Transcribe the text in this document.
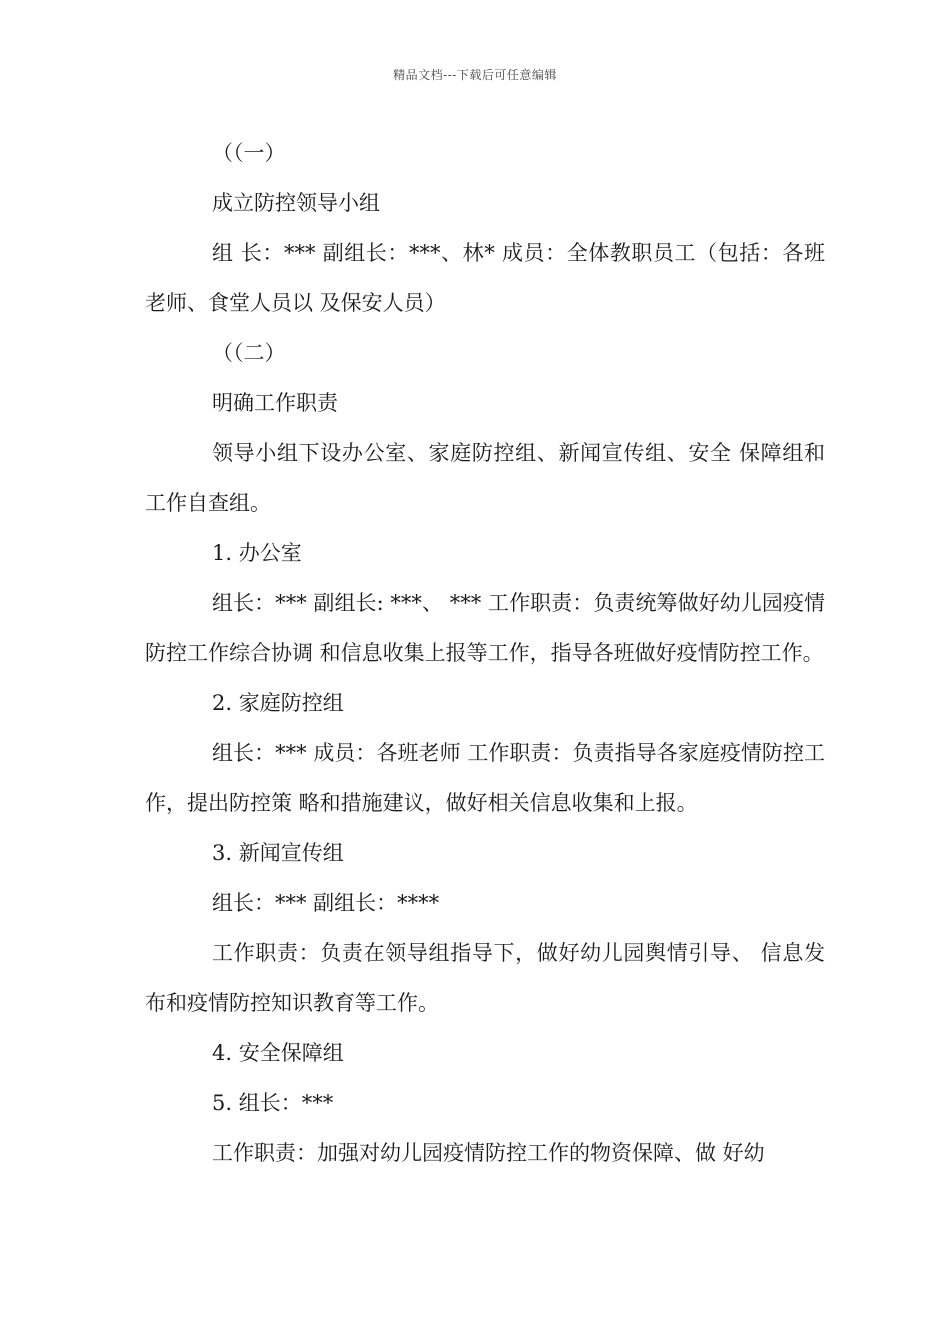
精品文档---下载后可任意编辑

（（一）

成立防控领导小组

组 长：*** 副组长：***、林* 成员：全体教职员工（包括：各班老师、食堂人员以 及保安人员）

（（二）

明确工作职责

领导小组下设办公室、家庭防控组、新闻宣传组、安全 保障组和工作自查组。

1. 办公室

组长：*** 副组长: ***、 *** 工作职责：负责统筹做好幼儿园疫情防控工作综合协调 和信息收集上报等工作，指导各班做好疫情防控工作。

2. 家庭防控组

组长：*** 成员：各班老师 工作职责：负责指导各家庭疫情防控工作，提出防控策 略和措施建议，做好相关信息收集和上报。

3. 新闻宣传组

组长：*** 副组长：****

工作职责：负责在领导组指导下，做好幼儿园舆情引导、 信息发布和疫情防控知识教育等工作。

4. 安全保障组

5. 组长：***

工作职责：加强对幼儿园疫情防控工作的物资保障、做 好幼
